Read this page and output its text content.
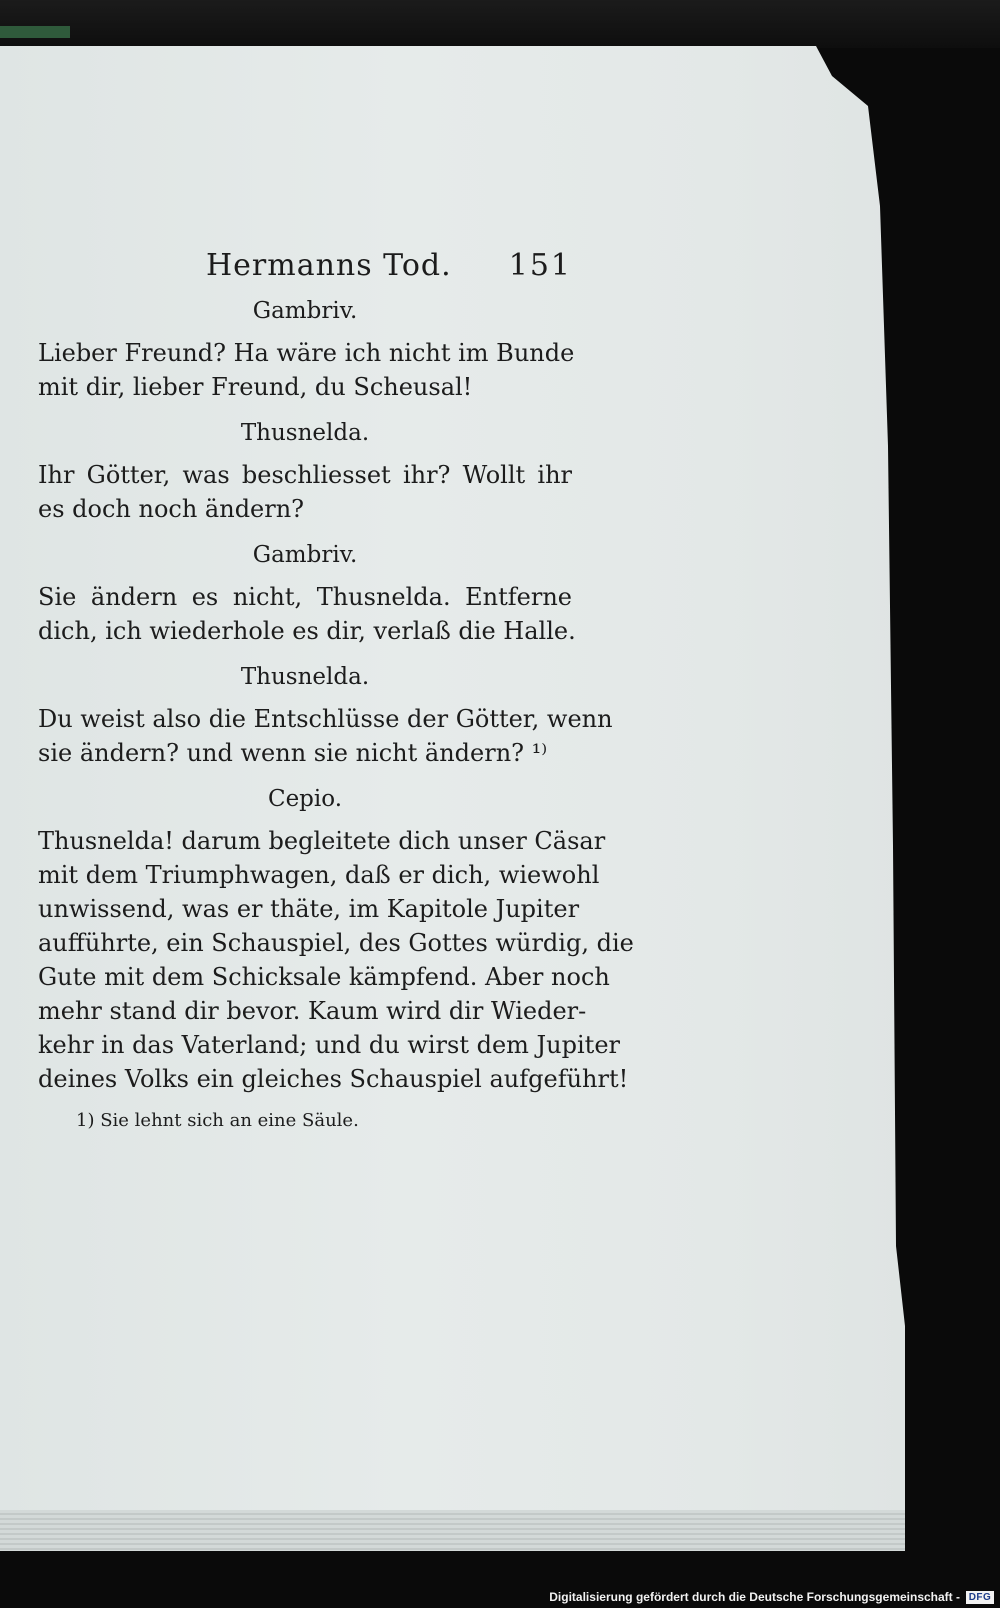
Hermanns Tod. 151

Gambriv.

Lieber Freund? Ha wäre ich nicht im Bunde
mit dir, lieber Freund, du Scheusal!

Thusnelda.

Ihr Götter, was beschliesset ihr? Wollt ihr
es doch noch ändern?

Gambriv.

Sie ändern es nicht, Thusnelda. Entferne
dich, ich wiederhole es dir, verlaß die Halle.

Thusnelda.

Du weist also die Entschlüsse der Götter, wenn
sie ändern? und wenn sie nicht ändern? ¹⁾

Cepio.

Thusnelda! darum begleitete dich unser Cäsar
mit dem Triumphwagen, daß er dich, wiewohl
unwissend, was er thäte, im Kapitole Jupiter
aufführte, ein Schauspiel, des Gottes würdig, die
Gute mit dem Schicksale kämpfend. Aber noch
mehr stand dir bevor. Kaum wird dir Wieder-
kehr in das Vaterland; und du wirst dem Jupiter
deines Volks ein gleiches Schauspiel aufgeführt!
1) Sie lehnt sich an eine Säule.
Digitalisierung gefördert durch die Deutsche Forschungsgemeinschaft - DFG
